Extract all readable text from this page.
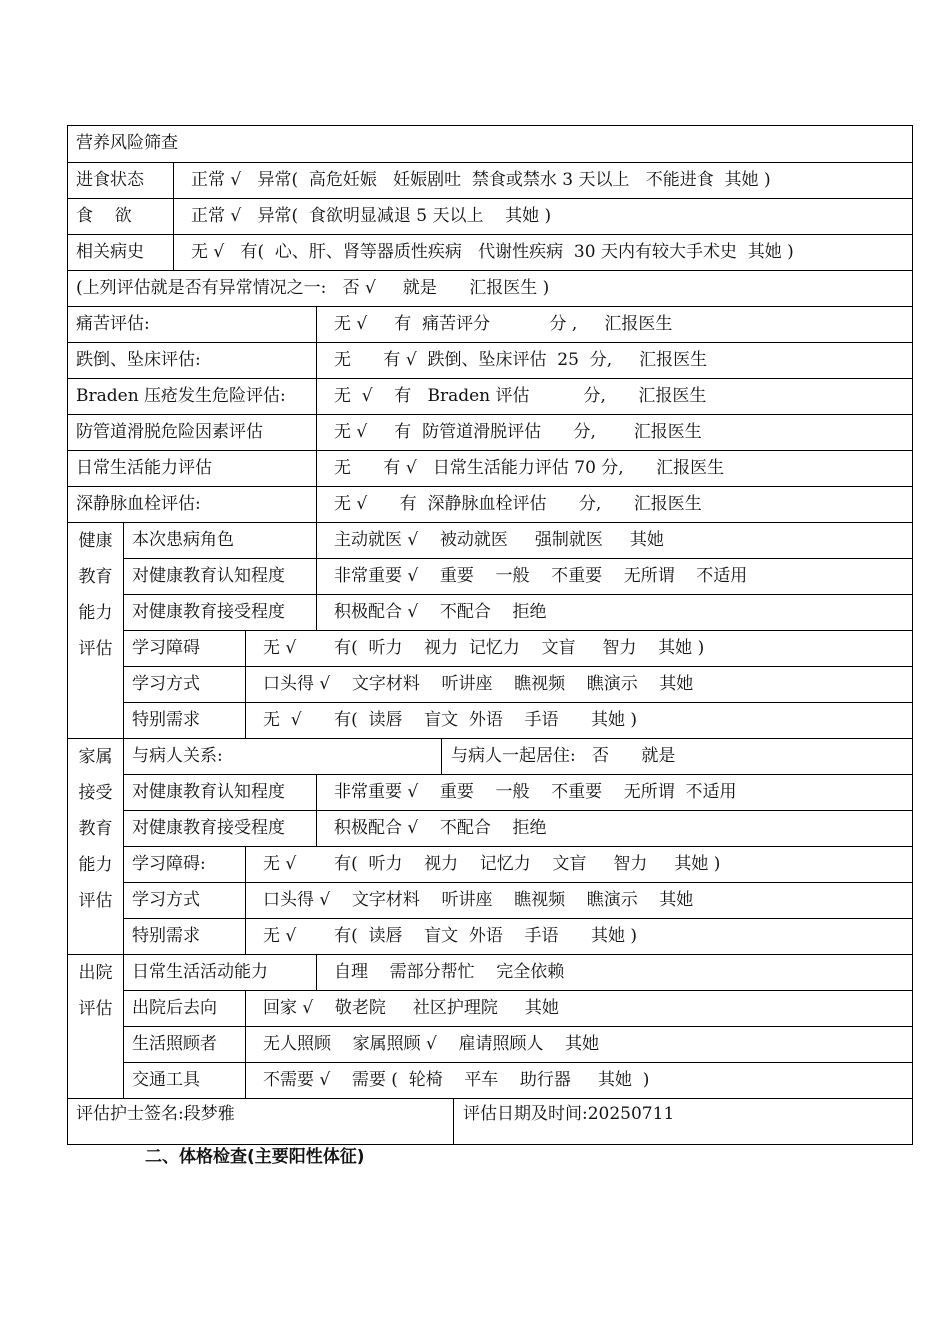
营养风险筛查
进食状态	正常 √   异常(  高危妊娠   妊娠剧吐  禁食或禁水 3 天以上   不能进食  其她 )
食    欲	正常 √   异常(  食欲明显减退 5 天以上    其她 )
相关病史	无 √   有(  心、肝、肾等器质性疾病   代谢性疾病  30 天内有较大手术史  其她 )
(上列评估就是否有异常情况之一:   否 √     就是      汇报医生 )
痛苦评估:	无 √     有  痛苦评分           分 ,     汇报医生
跌倒、坠床评估:	无      有 √  跌倒、坠床评估  25  分,     汇报医生
Braden 压疮发生危险评估:	无  √    有   Braden 评估          分,      汇报医生
防管道滑脱危险因素评估	无 √     有  防管道滑脱评估      分,       汇报医生
日常生活能力评估	无      有 √   日常生活能力评估 70 分,      汇报医生
深静脉血栓评估:	无 √      有  深静脉血栓评估      分,      汇报医生
健康
教育
能力
评估
本次患病角色	主动就医 √    被动就医     强制就医     其她
对健康教育认知程度	非常重要 √    重要    一般    不重要    无所谓    不适用
对健康教育接受程度	积极配合 √    不配合    拒绝
学习障碍	无 √       有(  听力    视力  记忆力    文盲     智力    其她 )
学习方式	口头得 √    文字材料    听讲座    瞧视频    瞧演示    其她
特别需求	无  √      有(  读唇    盲文  外语    手语      其她 )
家属
接受
教育
能力
评估
与病人关系:	与病人一起居住:   否      就是
对健康教育认知程度	非常重要 √    重要    一般    不重要    无所谓  不适用
对健康教育接受程度	积极配合 √    不配合    拒绝
学习障碍:	无 √       有(  听力    视力    记忆力    文盲     智力     其她 )
学习方式	口头得 √    文字材料    听讲座    瞧视频    瞧演示    其她
特别需求	无 √       有(  读唇    盲文  外语    手语      其她 )
出院
评估
日常生活活动能力	自理    需部分帮忙    完全依赖
出院后去向	回家 √    敬老院     社区护理院     其她
生活照顾者	无人照顾    家属照顾 √    雇请照顾人    其她
交通工具	不需要 √    需要 (  轮椅    平车    助行器     其她  )
评估护士签名:段梦雅	评估日期及时间:20250711
二、体格检查(主要阳性体征)
